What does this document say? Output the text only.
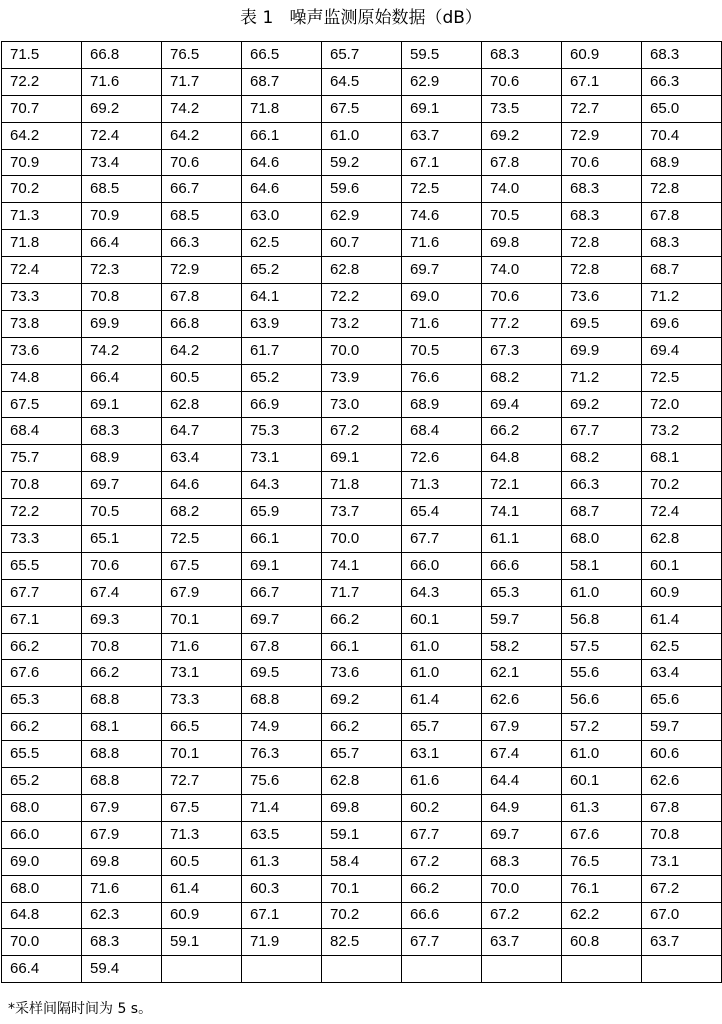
表 1   噪声监测原始数据（dB）
71.5	66.8	76.5	66.5	65.7	59.5	68.3	60.9	68.3
72.2	71.6	71.7	68.7	64.5	62.9	70.6	67.1	66.3
70.7	69.2	74.2	71.8	67.5	69.1	73.5	72.7	65.0
64.2	72.4	64.2	66.1	61.0	63.7	69.2	72.9	70.4
70.9	73.4	70.6	64.6	59.2	67.1	67.8	70.6	68.9
70.2	68.5	66.7	64.6	59.6	72.5	74.0	68.3	72.8
71.3	70.9	68.5	63.0	62.9	74.6	70.5	68.3	67.8
71.8	66.4	66.3	62.5	60.7	71.6	69.8	72.8	68.3
72.4	72.3	72.9	65.2	62.8	69.7	74.0	72.8	68.7
73.3	70.8	67.8	64.1	72.2	69.0	70.6	73.6	71.2
73.8	69.9	66.8	63.9	73.2	71.6	77.2	69.5	69.6
73.6	74.2	64.2	61.7	70.0	70.5	67.3	69.9	69.4
74.8	66.4	60.5	65.2	73.9	76.6	68.2	71.2	72.5
67.5	69.1	62.8	66.9	73.0	68.9	69.4	69.2	72.0
68.4	68.3	64.7	75.3	67.2	68.4	66.2	67.7	73.2
75.7	68.9	63.4	73.1	69.1	72.6	64.8	68.2	68.1
70.8	69.7	64.6	64.3	71.8	71.3	72.1	66.3	70.2
72.2	70.5	68.2	65.9	73.7	65.4	74.1	68.7	72.4
73.3	65.1	72.5	66.1	70.0	67.7	61.1	68.0	62.8
65.5	70.6	67.5	69.1	74.1	66.0	66.6	58.1	60.1
67.7	67.4	67.9	66.7	71.7	64.3	65.3	61.0	60.9
67.1	69.3	70.1	69.7	66.2	60.1	59.7	56.8	61.4
66.2	70.8	71.6	67.8	66.1	61.0	58.2	57.5	62.5
67.6	66.2	73.1	69.5	73.6	61.0	62.1	55.6	63.4
65.3	68.8	73.3	68.8	69.2	61.4	62.6	56.6	65.6
66.2	68.1	66.5	74.9	66.2	65.7	67.9	57.2	59.7
65.5	68.8	70.1	76.3	65.7	63.1	67.4	61.0	60.6
65.2	68.8	72.7	75.6	62.8	61.6	64.4	60.1	62.6
68.0	67.9	67.5	71.4	69.8	60.2	64.9	61.3	67.8
66.0	67.9	71.3	63.5	59.1	67.7	69.7	67.6	70.8
69.0	69.8	60.5	61.3	58.4	67.2	68.3	76.5	73.1
68.0	71.6	61.4	60.3	70.1	66.2	70.0	76.1	67.2
64.8	62.3	60.9	67.1	70.2	66.6	67.2	62.2	67.0
70.0	68.3	59.1	71.9	82.5	67.7	63.7	60.8	63.7
66.4	59.4							
*采样间隔时间为 5 s。
